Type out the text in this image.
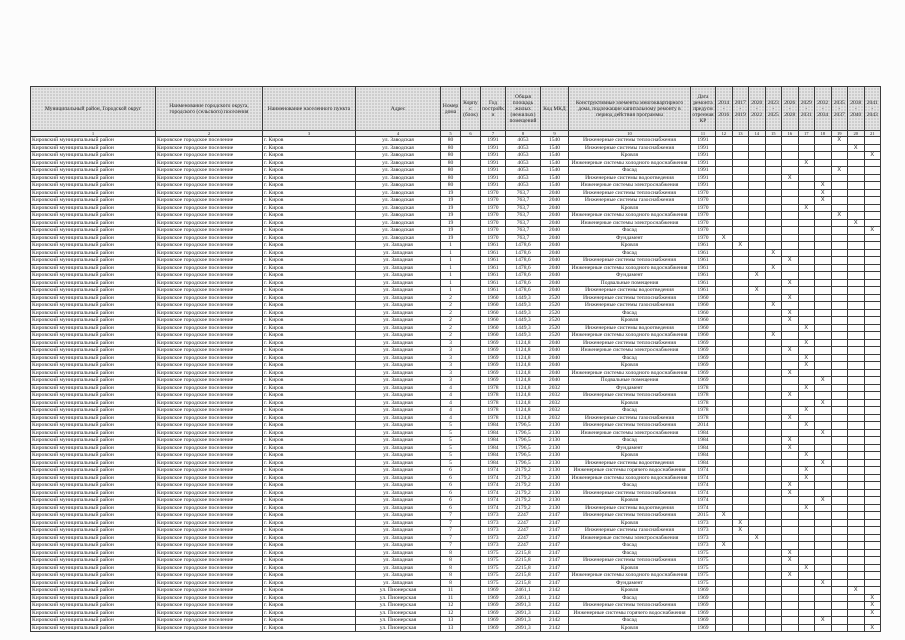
Муниципальный район, Городской округ	Наименование городского округа, городского (сельского) поселения	Наименование населенного пункта	Адрес	Номер дома	Корпус (блок)	Год постройки	Общая площадь жилых (нежилых) помещений	Код МКД	Конструктивные элементы многоквартирного дома, подлежащие капитальному ремонту в период действия программы	Дата ремонта предусмотренная КР	2014 - 2016	2017 - 2019	2020 - 2022	2023 - 2025	2026 - 2028	2029 - 2031	2032 - 2034	2035 - 2037	2038 - 2040	2041 - 2043
1	2	3	4	5	6	7	8	9	10	11	12	13	14	15	16	17	18	19	20	21
Кировский муниципальный район	Кировское городское поселение	г. Киров	ул. Заводская	80		1991	4053	1540	Инженерные системы теплоснабжения	1991								X		
Кировский муниципальный район	Кировское городское поселение	г. Киров	ул. Заводская	80		1991	4053	1540	Инженерные системы газоснабжения	1991									X	
Кировский муниципальный район	Кировское городское поселение	г. Киров	ул. Заводская	80		1991	4053	1540	Кровля	1991										X
Кировский муниципальный район	Кировское городское поселение	г. Киров	ул. Заводская	80		1991	4053	1540	Инженерные системы холодного водоснабжения	1991						X				
Кировский муниципальный район	Кировское городское поселение	г. Киров	ул. Заводская	80		1991	4053	1540	Фасад	1991								X		
Кировский муниципальный район	Кировское городское поселение	г. Киров	ул. Заводская	80		1991	4053	1540	Инженерные системы водоотведения	1991					X					
Кировский муниципальный район	Кировское городское поселение	г. Киров	ул. Заводская	80		1991	4053	1540	Инженерные системы электроснабжения	1991							X			
Кировский муниципальный район	Кировское городское поселение	г. Киров	ул. Заводская	19		1970	763,7	2040	Инженерные системы теплоснабжения	1970							X			
Кировский муниципальный район	Кировское городское поселение	г. Киров	ул. Заводская	19		1970	763,7	2040	Инженерные системы газоснабжения	1970							X			
Кировский муниципальный район	Кировское городское поселение	г. Киров	ул. Заводская	19		1970	763,7	2040	Кровля	1970						X				
Кировский муниципальный район	Кировское городское поселение	г. Киров	ул. Заводская	19		1970	763,7	2040	Инженерные системы холодного водоснабжения	1970								X		
Кировский муниципальный район	Кировское городское поселение	г. Киров	ул. Заводская	19		1970	763,7	2040	Инженерные системы электроснабжения	1970									X	
Кировский муниципальный район	Кировское городское поселение	г. Киров	ул. Заводская	19		1970	763,7	2040	Фасад	1970										X
Кировский муниципальный район	Кировское городское поселение	г. Киров	ул. Заводская	19		1970	763,7	2040	Фундамент	1970	X									
Кировский муниципальный район	Кировское городское поселение	г. Киров	ул. Западная	1		1961	1478,6	2040	Кровля	1961		X								
Кировский муниципальный район	Кировское городское поселение	г. Киров	ул. Западная	1		1961	1478,6	2040	Фасад	1961				X						
Кировский муниципальный район	Кировское городское поселение	г. Киров	ул. Западная	1		1961	1478,6	2040	Инженерные системы теплоснабжения	1961					X					
Кировский муниципальный район	Кировское городское поселение	г. Киров	ул. Западная	1		1961	1478,6	2040	Инженерные системы холодного водоснабжения	1961				X						
Кировский муниципальный район	Кировское городское поселение	г. Киров	ул. Западная	1		1961	1478,6	2040	Фундамент	1961			X							
Кировский муниципальный район	Кировское городское поселение	г. Киров	ул. Западная	1		1961	1478,6	2040	Подвальные помещения	1961					X					
Кировский муниципальный район	Кировское городское поселение	г. Киров	ул. Западная	1		1961	1478,6	2040	Инженерные системы водоотведения	1961			X							
Кировский муниципальный район	Кировское городское поселение	г. Киров	ул. Западная	2		1960	1449,3	2520	Инженерные системы теплоснабжения	1960					X					
Кировский муниципальный район	Кировское городское поселение	г. Киров	ул. Западная	2		1960	1449,3	2520	Инженерные системы газоснабжения	1960				X						
Кировский муниципальный район	Кировское городское поселение	г. Киров	ул. Западная	2		1960	1449,3	2520	Фасад	1960					X					
Кировский муниципальный район	Кировское городское поселение	г. Киров	ул. Западная	2		1960	1449,3	2520	Кровля	1960					X					
Кировский муниципальный район	Кировское городское поселение	г. Киров	ул. Западная	2		1960	1449,3	2520	Инженерные системы водоотведения	1960						X				
Кировский муниципальный район	Кировское городское поселение	г. Киров	ул. Западная	2		1960	1449,3	2520	Инженерные системы холодного водоснабжения	1960				X						
Кировский муниципальный район	Кировское городское поселение	г. Киров	ул. Западная	3		1969	1124,8	2040	Инженерные системы теплоснабжения	1969						X				
Кировский муниципальный район	Кировское городское поселение	г. Киров	ул. Западная	3		1969	1124,8	2040	Инженерные системы электроснабжения	1969					X					
Кировский муниципальный район	Кировское городское поселение	г. Киров	ул. Западная	3		1969	1124,8	2040	Фасад	1969						X				
Кировский муниципальный район	Кировское городское поселение	г. Киров	ул. Западная	3		1969	1124,8	2040	Кровля	1969						X				
Кировский муниципальный район	Кировское городское поселение	г. Киров	ул. Западная	3		1969	1124,8	2040	Инженерные системы холодного водоснабжения	1969					X					
Кировский муниципальный район	Кировское городское поселение	г. Киров	ул. Западная	3		1969	1124,8	2040	Подвальные помещения	1969							X			
Кировский муниципальный район	Кировское городское поселение	г. Киров	ул. Западная	4		1978	1124,8	2032	Фундамент	1978						X				
Кировский муниципальный район	Кировское городское поселение	г. Киров	ул. Западная	4		1978	1124,8	2032	Инженерные системы теплоснабжения	1978					X					
Кировский муниципальный район	Кировское городское поселение	г. Киров	ул. Западная	4		1978	1124,8	2032	Кровля	1978							X			
Кировский муниципальный район	Кировское городское поселение	г. Киров	ул. Западная	4		1978	1124,8	2032	Фасад	1978						X				
Кировский муниципальный район	Кировское городское поселение	г. Киров	ул. Западная	4		1978	1124,8	2032	Инженерные системы газоснабжения	1978					X					
Кировский муниципальный район	Кировское городское поселение	г. Киров	ул. Западная	5		1984	1796,5	2130	Инженерные системы теплоснабжения	2014						X				
Кировский муниципальный район	Кировское городское поселение	г. Киров	ул. Западная	5		1984	1796,5	2130	Инженерные системы электроснабжения	1984							X			
Кировский муниципальный район	Кировское городское поселение	г. Киров	ул. Западная	5		1984	1796,5	2130	Фасад	1984					X					
Кировский муниципальный район	Кировское городское поселение	г. Киров	ул. Западная	5		1984	1796,5	2130	Фундамент	1984					X					
Кировский муниципальный район	Кировское городское поселение	г. Киров	ул. Западная	5		1984	1796,5	2130	Кровля	1984						X				
Кировский муниципальный район	Кировское городское поселение	г. Киров	ул. Западная	5		1984	1796,5	2130	Инженерные системы водоотведения	1984							X			
Кировский муниципальный район	Кировское городское поселение	г. Киров	ул. Западная	6		1974	2179,2	2130	Инженерные системы горячего водоснабжения	1974						X				
Кировский муниципальный район	Кировское городское поселение	г. Киров	ул. Западная	6		1974	2179,2	2130	Инженерные системы холодного водоснабжения	1974						X				
Кировский муниципальный район	Кировское городское поселение	г. Киров	ул. Западная	6		1974	2179,2	2130	Фасад	1974					X					
Кировский муниципальный район	Кировское городское поселение	г. Киров	ул. Западная	6		1974	2179,2	2130	Инженерные системы теплоснабжения	1974					X					
Кировский муниципальный район	Кировское городское поселение	г. Киров	ул. Западная	6		1974	2179,2	2130	Кровля	1974							X			
Кировский муниципальный район	Кировское городское поселение	г. Киров	ул. Западная	6		1974	2179,2	2130	Инженерные системы водоотведения	1974						X				
Кировский муниципальный район	Кировское городское поселение	г. Киров	ул. Западная	7		1973	2247	2147	Инженерные системы теплоснабжения	2015	X									
Кировский муниципальный район	Кировское городское поселение	г. Киров	ул. Западная	7		1973	2247	2147	Кровля	1973		X								
Кировский муниципальный район	Кировское городское поселение	г. Киров	ул. Западная	7		1973	2247	2147	Инженерные системы газоснабжения	1973		X								
Кировский муниципальный район	Кировское городское поселение	г. Киров	ул. Западная	7		1973	2247	2147	Инженерные системы электроснабжения	1973			X							
Кировский муниципальный район	Кировское городское поселение	г. Киров	ул. Западная	7		1973	2247	2147	Фасад	1973	X									
Кировский муниципальный район	Кировское городское поселение	г. Киров	ул. Западная	8		1975	2215,8	2147	Фасад	1975					X					
Кировский муниципальный район	Кировское городское поселение	г. Киров	ул. Западная	8		1975	2215,8	2147	Инженерные системы теплоснабжения	1975					X					
Кировский муниципальный район	Кировское городское поселение	г. Киров	ул. Западная	8		1975	2215,8	2147	Кровля	1975						X				
Кировский муниципальный район	Кировское городское поселение	г. Киров	ул. Западная	8		1975	2215,8	2147	Инженерные системы холодного водоснабжения	1975					X					
Кировский муниципальный район	Кировское городское поселение	г. Киров	ул. Западная	8		1975	2215,8	2147	Фундамент	1975							X			
Кировский муниципальный район	Кировское городское поселение	г. Киров	ул. Пионерская	11		1969	2461,1	2142	Кровля	1969									X	
Кировский муниципальный район	Кировское городское поселение	г. Киров	ул. Пионерская	11		1969	2461,1	2142	Фасад	1969										X
Кировский муниципальный район	Кировское городское поселение	г. Киров	ул. Пионерская	12		1969	2891,3	2142	Инженерные системы теплоснабжения	1969										X
Кировский муниципальный район	Кировское городское поселение	г. Киров	ул. Пионерская	12		1969	2891,3	2142	Инженерные системы горячего водоснабжения	1969										X
Кировский муниципальный район	Кировское городское поселение	г. Киров	ул. Пионерская	13		1969	2891,3	2142	Фасад	1969							X			
Кировский муниципальный район	Кировское городское поселение	г. Киров	ул. Пионерская	13		1969	2891,3	2142	Кровля	1969										X
